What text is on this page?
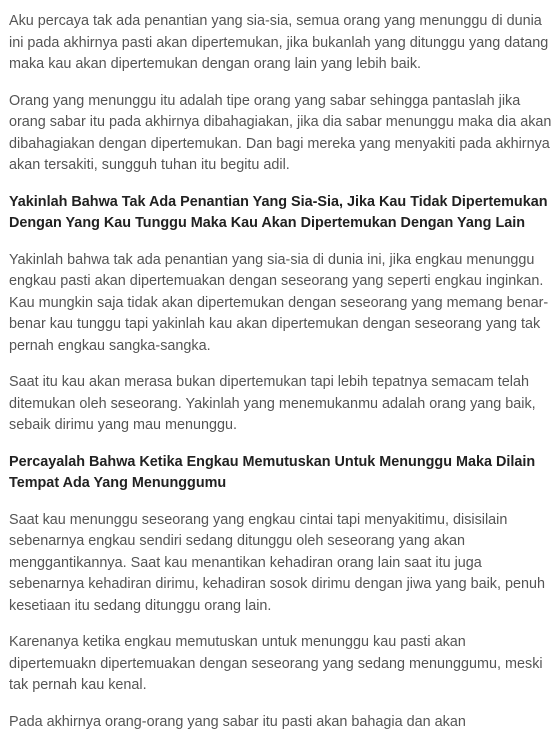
Aku percaya tak ada penantian yang sia-sia, semua orang yang menunggu di dunia ini pada akhirnya pasti akan dipertemukan, jika bukanlah yang ditunggu yang datang maka kau akan dipertemukan dengan orang lain yang lebih baik.

Orang yang menunggu itu adalah tipe orang yang sabar sehingga pantaslah jika orang sabar itu pada akhirnya dibahagiakan, jika dia sabar menunggu maka dia akan dibahagiakan dengan dipertemukan. Dan bagi mereka yang menyakiti pada akhirnya akan tersakiti, sungguh tuhan itu begitu adil.

Yakinlah Bahwa Tak Ada Penantian Yang Sia-Sia, Jika Kau Tidak Dipertemukan Dengan Yang Kau Tunggu Maka Kau Akan Dipertemukan Dengan Yang Lain

Yakinlah bahwa tak ada penantian yang sia-sia di dunia ini, jika engkau menunggu engkau pasti akan dipertemuakan dengan seseorang yang seperti engkau inginkan. Kau mungkin saja tidak akan dipertemukan dengan seseorang yang memang benar-benar kau tunggu tapi yakinlah kau akan dipertemukan dengan seseorang yang tak pernah engkau sangka-sangka.

Saat itu kau akan merasa bukan dipertemukan tapi lebih tepatnya semacam telah ditemukan oleh seseorang. Yakinlah yang menemukanmu adalah orang yang baik, sebaik dirimu yang mau menunggu.

Percayalah Bahwa Ketika Engkau Memutuskan Untuk Menunggu Maka Dilain Tempat Ada Yang Menunggumu

Saat kau menunggu seseorang yang engkau cintai tapi menyakitimu, disisilain sebenarnya engkau sendiri sedang ditunggu oleh seseorang yang akan menggantikannya. Saat kau menantikan kehadiran orang lain saat itu juga sebenarnya kehadiran dirimu, kehadiran sosok dirimu dengan jiwa yang baik, penuh kesetiaan itu sedang ditunggu orang lain.

Karenanya ketika engkau memutuskan untuk menunggu kau pasti akan dipertemuakn dipertemuakan dengan seseorang yang sedang menunggumu, meski tak pernah kau kenal.

Pada akhirnya orang-orang yang sabar itu pasti akan bahagia dan akan
